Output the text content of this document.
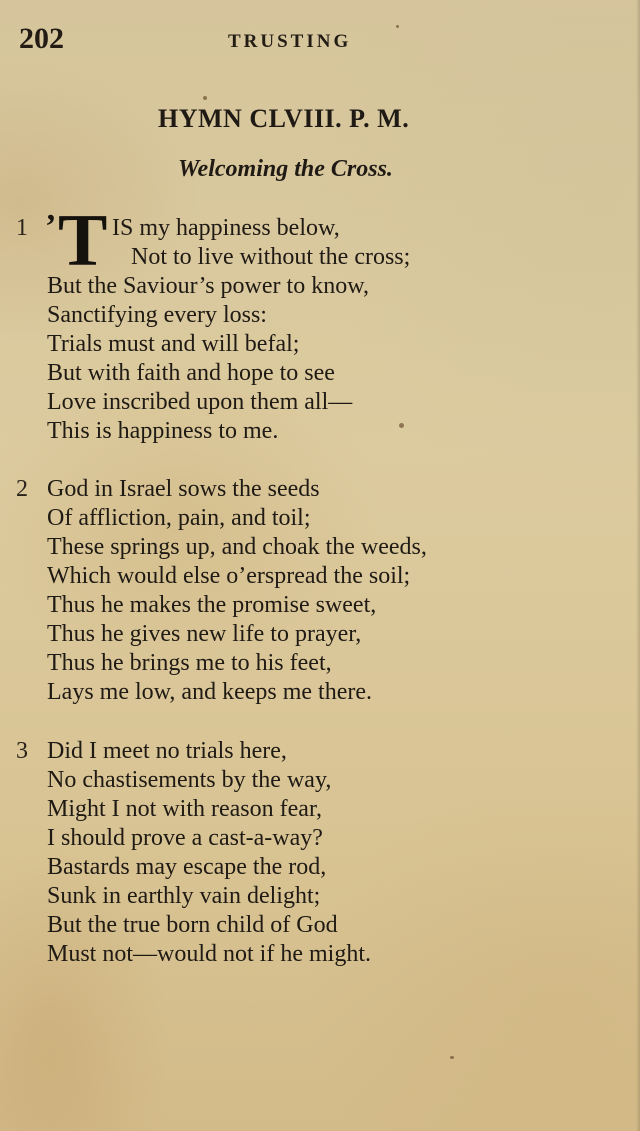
202	TRUSTING
HYMN CLVIII. P. M.
Welcoming the Cross.
1 ’ T IS my happiness below,
Not to live without the cross;
But the Saviour’s power to know,
Sanctifying every loss:
Trials must and will befal;
But with faith and hope to see
Love inscribed upon them all—
This is happiness to me.
2 God in Israel sows the seeds
Of affliction, pain, and toil;
These springs up, and choak the weeds,
Which would else o’erspread the soil;
Thus he makes the promise sweet,
Thus he gives new life to prayer,
Thus he brings me to his feet,
Lays me low, and keeps me there.
3 Did I meet no trials here,
No chastisements by the way,
Might I not with reason fear,
I should prove a cast-a-way?
Bastards may escape the rod,
Sunk in earthly vain delight;
But the true born child of God
Must not—would not if he might.
